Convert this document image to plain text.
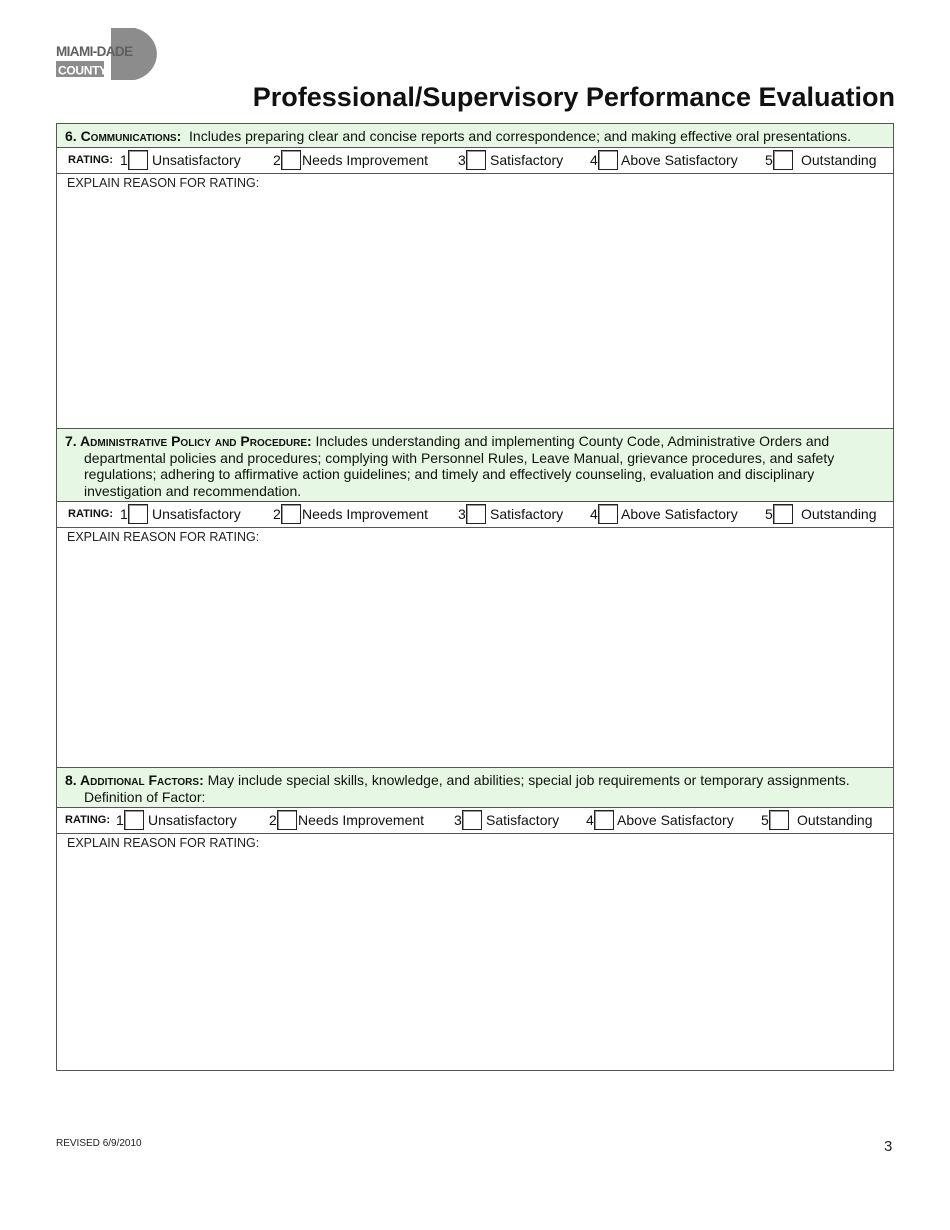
MIAMI-DADE
COUNTY
Professional/Supervisory Performance Evaluation
6. Communications: Includes preparing clear and concise reports and correspondence; and making effective oral presentations.
RATING: 1 Unsatisfactory 2 Needs Improvement 3 Satisfactory 4 Above Satisfactory 5 Outstanding
EXPLAIN REASON FOR RATING:
7. Administrative Policy and Procedure: Includes understanding and implementing County Code, Administrative Orders and departmental policies and procedures; complying with Personnel Rules, Leave Manual, grievance procedures, and safety regulations; adhering to affirmative action guidelines; and timely and effectively counseling, evaluation and disciplinary investigation and recommendation.
RATING: 1 Unsatisfactory 2 Needs Improvement 3 Satisfactory 4 Above Satisfactory 5 Outstanding
EXPLAIN REASON FOR RATING:
8. Additional Factors: May include special skills, knowledge, and abilities; special job requirements or temporary assignments.
Definition of Factor:
RATING: 1 Unsatisfactory 2 Needs Improvement 3 Satisfactory 4 Above Satisfactory 5 Outstanding
EXPLAIN REASON FOR RATING:
REVISED 6/9/2010	3
